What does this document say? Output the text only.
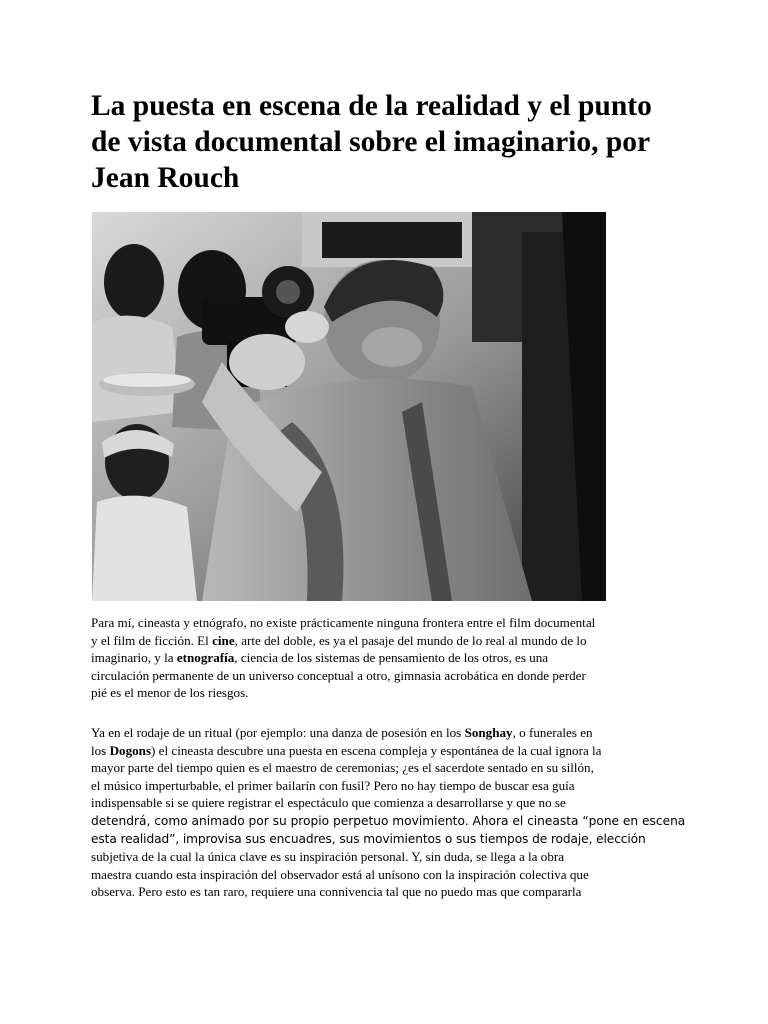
La puesta en escena de la realidad y el punto
de vista documental sobre el imaginario, por
Jean Rouch
Para mí, cineasta y etnógrafo, no existe prácticamente ninguna frontera entre el film documental
y el film de ficción. El cine, arte del doble, es ya el pasaje del mundo de lo real al mundo de lo
imaginario, y la etnografía, ciencia de los sistemas de pensamiento de los otros, es una
circulación permanente de un universo conceptual a otro, gimnasia acrobática en donde perder
pié es el menor de los riesgos.
Ya en el rodaje de un ritual (por ejemplo: una danza de posesión en los Songhay, o funerales en
los Dogons) el cineasta descubre una puesta en escena compleja y espontánea de la cual ignora la
mayor parte del tiempo quien es el maestro de ceremonias; ¿es el sacerdote sentado en su sillón,
el músico imperturbable, el primer bailarín con fusil? Pero no hay tiempo de buscar esa guía
indispensable si se quiere registrar el espectáculo que comienza a desarrollarse y que no se
detendrá, como animado por su propio perpetuo movimiento. Ahora el cineasta “pone en escena
esta realidad”, improvisa sus encuadres, sus movimientos o sus tiempos de rodaje, elección
subjetiva de la cual la única clave es su inspiración personal. Y, sin duda, se llega a la obra
maestra cuando esta inspiración del observador está al unísono con la inspiración colectiva que
observa. Pero esto es tan raro, requiere una connivencia tal que no puedo mas que compararla
